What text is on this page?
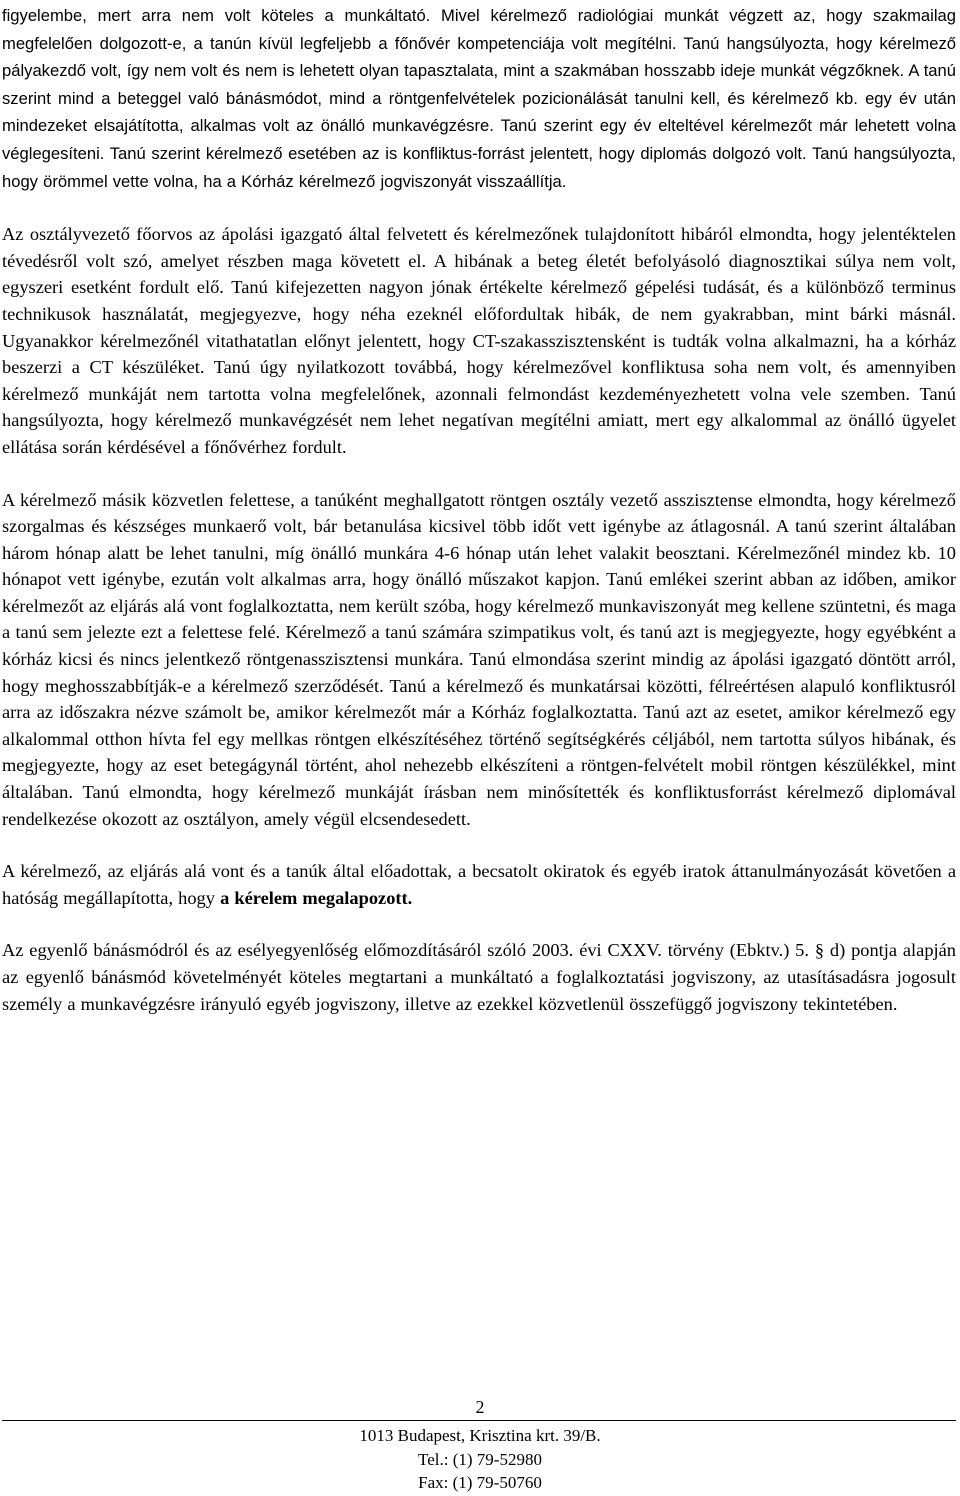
figyelembe, mert arra nem volt köteles a munkáltató. Mivel kérelmező radiológiai munkát végzett az, hogy szakmailag megfelelően dolgozott-e, a tanún kívül legfeljebb a főnővér kompetenciája volt megítélni. Tanú hangsúlyozta, hogy kérelmező pályakezdő volt, így nem volt és nem is lehetett olyan tapasztalata, mint a szakmában hosszabb ideje munkát végzőknek. A tanú szerint mind a beteggel való bánásmódot, mind a röntgenfelvételek pozicionálását tanulni kell, és kérelmező kb. egy év után mindezeket elsajátította, alkalmas volt az önálló munkavégzésre. Tanú szerint egy év elteltével kérelmezőt már lehetett volna véglegesíteni. Tanú szerint kérelmező esetében az is konfliktus-forrást jelentett, hogy diplomás dolgozó volt. Tanú hangsúlyozta, hogy örömmel vette volna, ha a Kórház kérelmező jogviszonyát visszaállítja.

Az osztályvezető főorvos az ápolási igazgató által felvetett és kérelmezőnek tulajdonított hibáról elmondta, hogy jelentéktelen tévedésről volt szó, amelyet részben maga követett el. A hibának a beteg életét befolyásoló diagnosztikai súlya nem volt, egyszeri esetként fordult elő. Tanú kifejezetten nagyon jónak értékelte kérelmező gépelési tudását, és a különböző terminus technikusok használatát, megjegyezve, hogy néha ezeknél előfordultak hibák, de nem gyakrabban, mint bárki másnál. Ugyanakkor kérelmezőnél vitathatatlan előnyt jelentett, hogy CT-szakasszisztensként is tudták volna alkalmazni, ha a kórház beszerzi a CT készüléket. Tanú úgy nyilatkozott továbbá, hogy kérelmezővel konfliktusa soha nem volt, és amennyiben kérelmező munkáját nem tartotta volna megfelelőnek, azonnali felmondást kezdeményezhetett volna vele szemben. Tanú hangsúlyozta, hogy kérelmező munkavégzését nem lehet negatívan megítélni amiatt, mert egy alkalommal az önálló ügyelet ellátása során kérdésével a főnővérhez fordult.

A kérelmező másik közvetlen felettese, a tanúként meghallgatott röntgen osztály vezető asszisztense elmondta, hogy kérelmező szorgalmas és készséges munkaerő volt, bár betanulása kicsivel több időt vett igénybe az átlagosnál. A tanú szerint általában három hónap alatt be lehet tanulni, míg önálló munkára 4-6 hónap után lehet valakit beosztani. Kérelmezőnél mindez kb. 10 hónapot vett igénybe, ezután volt alkalmas arra, hogy önálló műszakot kapjon. Tanú emlékei szerint abban az időben, amikor kérelmezőt az eljárás alá vont foglalkoztatta, nem került szóba, hogy kérelmező munkaviszonyát meg kellene szüntetni, és maga a tanú sem jelezte ezt a felettese felé. Kérelmező a tanú számára szimpatikus volt, és tanú azt is megjegyezte, hogy egyébként a kórház kicsi és nincs jelentkező röntgenasszisztensi munkára. Tanú elmondása szerint mindig az ápolási igazgató döntött arról, hogy meghosszabbítják-e a kérelmező szerződését. Tanú a kérelmező és munkatársai közötti, félreértésen alapuló konfliktusról arra az időszakra nézve számolt be, amikor kérelmezőt már a Kórház foglalkoztatta. Tanú azt az esetet, amikor kérelmező egy alkalommal otthon hívta fel egy mellkas röntgen elkészítéséhez történő segítségkérés céljából, nem tartotta súlyos hibának, és megjegyezte, hogy az eset betegágynál történt, ahol nehezebb elkészíteni a röntgen-felvételt mobil röntgen készülékkel, mint általában. Tanú elmondta, hogy kérelmező munkáját írásban nem minősítették és konfliktusforrást kérelmező diplomával rendelkezése okozott az osztályon, amely végül elcsendesedett.

A kérelmező, az eljárás alá vont és a tanúk által előadottak, a becsatolt okiratok és egyéb iratok áttanulmányozását követően a hatóság megállapította, hogy a kérelem megalapozott.

Az egyenlő bánásmódról és az esélyegyenlőség előmozdításáról szóló 2003. évi CXXV. törvény (Ebktv.) 5. § d) pontja alapján az egyenlő bánásmód követelményét köteles megtartani a munkáltató a foglalkoztatási jogviszony, az utasításadásra jogosult személy a munkavégzésre irányuló egyéb jogviszony, illetve az ezekkel közvetlenül összefüggő jogviszony tekintetében.

2
1013 Budapest, Krisztina krt. 39/B.
Tel.: (1) 79-52980
Fax: (1) 79-50760
